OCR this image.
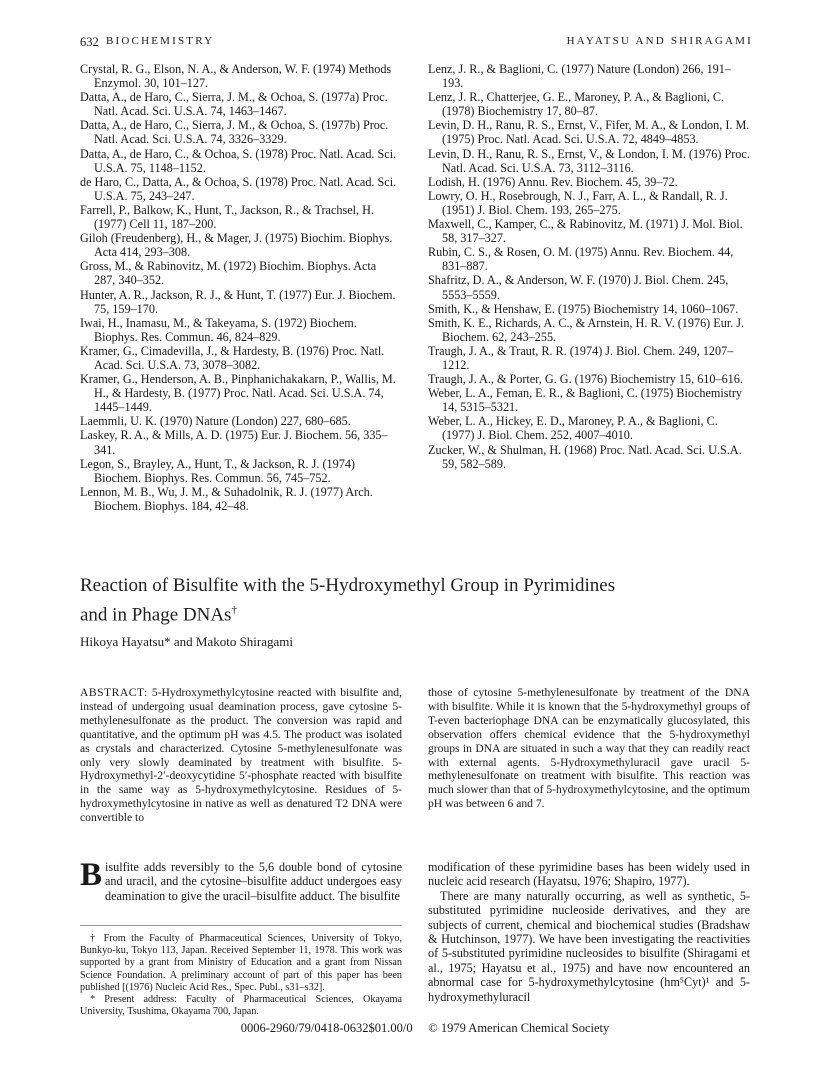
632 BIOCHEMISTRY	HAYATSU AND SHIRAGAMI

Crystal, R. G., Elson, N. A., & Anderson, W. F. (1974) Methods Enzymol. 30, 101–127.

Datta, A., de Haro, C., Sierra, J. M., & Ochoa, S. (1977a) Proc. Natl. Acad. Sci. U.S.A. 74, 1463–1467.

Datta, A., de Haro, C., Sierra, J. M., & Ochoa, S. (1977b) Proc. Natl. Acad. Sci. U.S.A. 74, 3326–3329.

Datta, A., de Haro, C., & Ochoa, S. (1978) Proc. Natl. Acad. Sci. U.S.A. 75, 1148–1152.

de Haro, C., Datta, A., & Ochoa, S. (1978) Proc. Natl. Acad. Sci. U.S.A. 75, 243–247.

Farrell, P., Balkow, K., Hunt, T., Jackson, R., & Trachsel, H. (1977) Cell 11, 187–200.

Giloh (Freudenberg), H., & Mager, J. (1975) Biochim. Biophys. Acta 414, 293–308.

Gross, M., & Rabinovitz, M. (1972) Biochim. Biophys. Acta 287, 340–352.

Hunter, A. R., Jackson, R. J., & Hunt, T. (1977) Eur. J. Biochem. 75, 159–170.

Iwai, H., Inamasu, M., & Takeyama, S. (1972) Biochem. Biophys. Res. Commun. 46, 824–829.

Kramer, G., Cimadevilla, J., & Hardesty, B. (1976) Proc. Natl. Acad. Sci. U.S.A. 73, 3078–3082.

Kramer, G., Henderson, A. B., Pinphanichakakarn, P., Wallis, M. H., & Hardesty, B. (1977) Proc. Natl. Acad. Sci. U.S.A. 74, 1445–1449.

Laemmli, U. K. (1970) Nature (London) 227, 680–685.

Laskey, R. A., & Mills, A. D. (1975) Eur. J. Biochem. 56, 335–341.

Legon, S., Brayley, A., Hunt, T., & Jackson, R. J. (1974) Biochem. Biophys. Res. Commun. 56, 745–752.

Lennon, M. B., Wu, J. M., & Suhadolnik, R. J. (1977) Arch. Biochem. Biophys. 184, 42–48.

Lenz, J. R., & Baglioni, C. (1977) Nature (London) 266, 191–193.

Lenz, J. R., Chatterjee, G. E., Maroney, P. A., & Baglioni, C. (1978) Biochemistry 17, 80–87.

Levin, D. H., Ranu, R. S., Ernst, V., Fifer, M. A., & London, I. M. (1975) Proc. Natl. Acad. Sci. U.S.A. 72, 4849–4853.

Levin, D. H., Ranu, R. S., Ernst, V., & London, I. M. (1976) Proc. Natl. Acad. Sci. U.S.A. 73, 3112–3116.

Lodish, H. (1976) Annu. Rev. Biochem. 45, 39–72.

Lowry, O. H., Rosebrough, N. J., Farr, A. L., & Randall, R. J. (1951) J. Biol. Chem. 193, 265–275.

Maxwell, C., Kamper, C., & Rabinovitz, M. (1971) J. Mol. Biol. 58, 317–327.

Rubin, C. S., & Rosen, O. M. (1975) Annu. Rev. Biochem. 44, 831–887.

Shafritz, D. A., & Anderson, W. F. (1970) J. Biol. Chem. 245, 5553–5559.

Smith, K., & Henshaw, E. (1975) Biochemistry 14, 1060–1067.

Smith, K. E., Richards, A. C., & Arnstein, H. R. V. (1976) Eur. J. Biochem. 62, 243–255.

Traugh, J. A., & Traut, R. R. (1974) J. Biol. Chem. 249, 1207–1212.

Traugh, J. A., & Porter, G. G. (1976) Biochemistry 15, 610–616.

Weber, L. A., Feman, E. R., & Baglioni, C. (1975) Biochemistry 14, 5315–5321.

Weber, L. A., Hickey, E. D., Maroney, P. A., & Baglioni, C. (1977) J. Biol. Chem. 252, 4007–4010.

Zucker, W., & Shulman, H. (1968) Proc. Natl. Acad. Sci. U.S.A. 59, 582–589.

Reaction of Bisulfite with the 5-Hydroxymethyl Group in Pyrimidines
and in Phage DNAs†
Hikoya Hayatsu* and Makoto Shiragami
ABSTRACT: 5-Hydroxymethylcytosine reacted with bisulfite and, instead of undergoing usual deamination process, gave cytosine 5-methylenesulfonate as the product. The conversion was rapid and quantitative, and the optimum pH was 4.5. The product was isolated as crystals and characterized. Cytosine 5-methylenesulfonate was only very slowly deaminated by treatment with bisulfite. 5-Hydroxymethyl-2′-deoxycytidine 5′-phosphate reacted with bisulfite in the same way as 5-hydroxymethylcytosine. Residues of 5-hydroxymethylcytosine in native as well as denatured T2 DNA were convertible to
those of cytosine 5-methylenesulfonate by treatment of the DNA with bisulfite. While it is known that the 5-hydroxymethyl groups of T-even bacteriophage DNA can be enzymatically glucosylated, this observation offers chemical evidence that the 5-hydroxymethyl groups in DNA are situated in such a way that they can readily react with external agents. 5-Hydroxymethyluracil gave uracil 5-methylenesulfonate on treatment with bisulfite. This reaction was much slower than that of 5-hydroxymethylcytosine, and the optimum pH was between 6 and 7.
Bisulfite adds reversibly to the 5,6 double bond of cytosine and uracil, and the cytosine–bisulfite adduct undergoes easy deamination to give the uracil–bisulfite adduct. The bisulfite

modification of these pyrimidine bases has been widely used in nucleic acid research (Hayatsu, 1976; Shapiro, 1977).

There are many naturally occurring, as well as synthetic, 5-substituted pyrimidine nucleoside derivatives, and they are subjects of current, chemical and biochemical studies (Bradshaw & Hutchinson, 1977). We have been investigating the reactivities of 5-substituted pyrimidine nucleosides to bisulfite (Shiragami et al., 1975; Hayatsu et al., 1975) and have now encountered an abnormal case for 5-hydroxymethylcytosine (hm⁵Cyt)¹ and 5-hydroxymethyluracil

† From the Faculty of Pharmaceutical Sciences, University of Tokyo, Bunkyo-ku, Tokyo 113, Japan. Received September 11, 1978. This work was supported by a grant from Ministry of Education and a grant from Nissan Science Foundation. A preliminary account of part of this paper has been published [(1976) Nucleic Acid Res., Spec. Publ., s31–s32].

* Present address: Faculty of Pharmaceutical Sciences, Okayama University, Tsushima, Okayama 700, Japan.

0006-2960/79/0418-0632$01.00/0 © 1979 American Chemical Society
